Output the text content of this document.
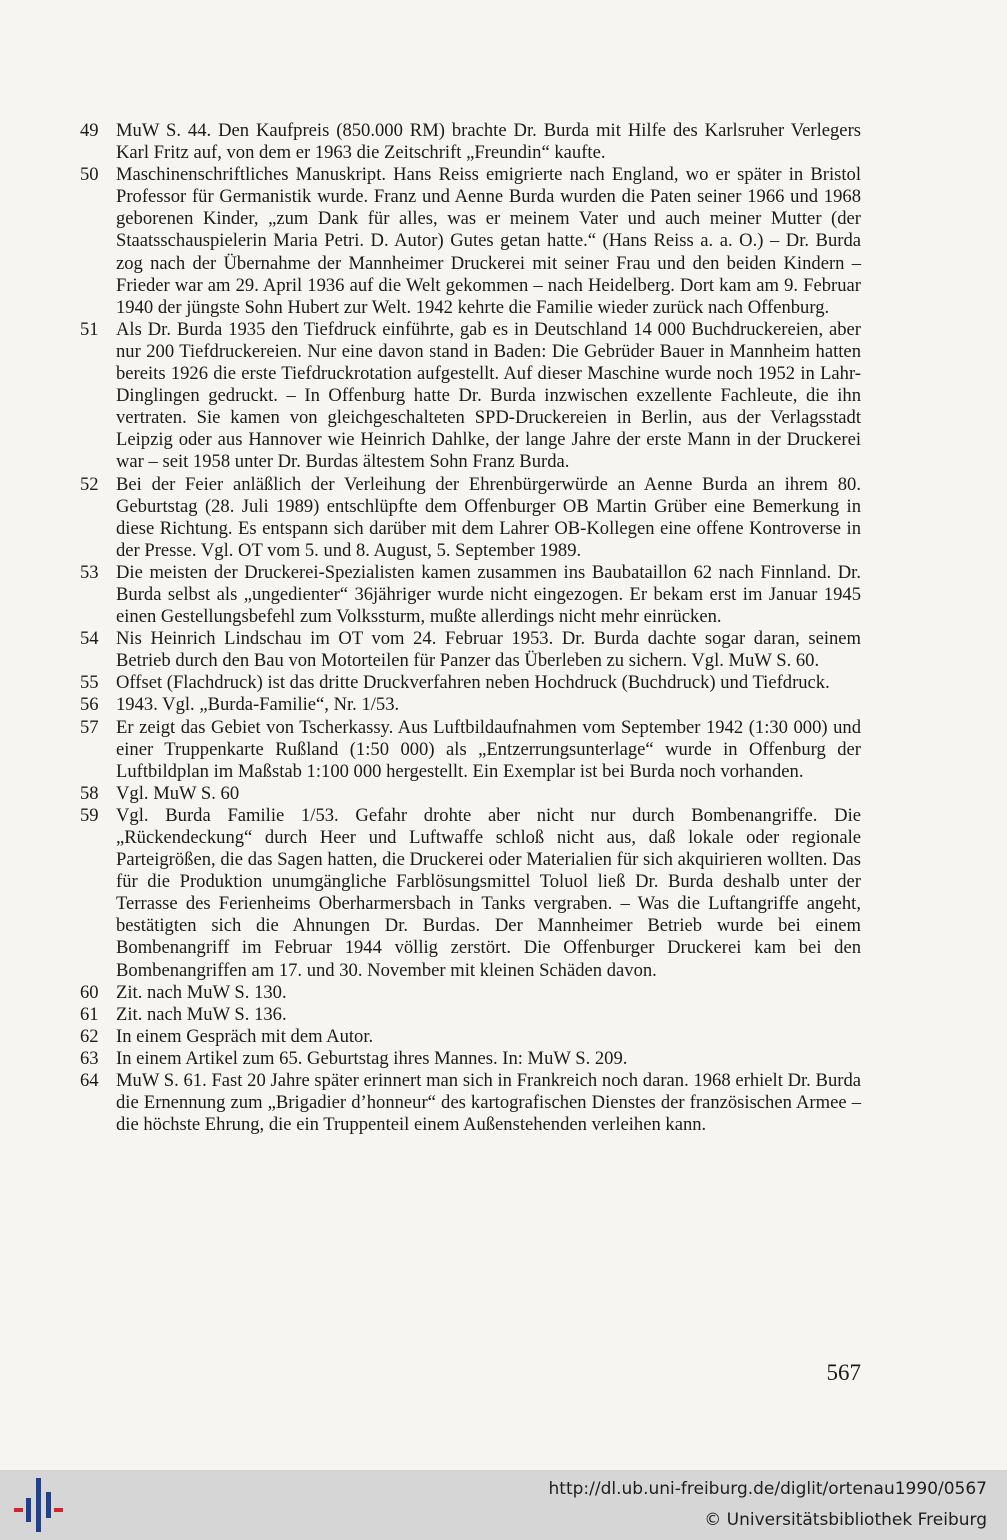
49 MuW S. 44. Den Kaufpreis (850.000 RM) brachte Dr. Burda mit Hilfe des Karlsruher Verlegers Karl Fritz auf, von dem er 1963 die Zeitschrift „Freundin“ kaufte.
50 Maschinenschriftliches Manuskript. Hans Reiss emigrierte nach England, wo er später in Bristol Professor für Germanistik wurde. Franz und Aenne Burda wurden die Paten seiner 1966 und 1968 geborenen Kinder, „zum Dank für alles, was er meinem Vater und auch meiner Mutter (der Staatsschauspielerin Maria Petri. D. Autor) Gutes getan hatte.“ (Hans Reiss a. a. O.) – Dr. Burda zog nach der Übernahme der Mannheimer Druckerei mit seiner Frau und den beiden Kindern – Frieder war am 29. April 1936 auf die Welt gekommen – nach Heidelberg. Dort kam am 9. Februar 1940 der jüngste Sohn Hubert zur Welt. 1942 kehrte die Familie wieder zurück nach Offenburg.
51 Als Dr. Burda 1935 den Tiefdruck einführte, gab es in Deutschland 14 000 Buchdruckereien, aber nur 200 Tiefdruckereien. Nur eine davon stand in Baden: Die Gebrüder Bauer in Mannheim hatten bereits 1926 die erste Tiefdruckrotation aufgestellt. Auf dieser Maschine wurde noch 1952 in Lahr-Dinglingen gedruckt. – In Offenburg hatte Dr. Burda inzwischen exzellente Fachleute, die ihn vertraten. Sie kamen von gleichgeschalteten SPD-Druckereien in Berlin, aus der Verlagsstadt Leipzig oder aus Hannover wie Heinrich Dahlke, der lange Jahre der erste Mann in der Druckerei war – seit 1958 unter Dr. Burdas ältestem Sohn Franz Burda.
52 Bei der Feier anläßlich der Verleihung der Ehrenbürgerwürde an Aenne Burda an ihrem 80. Geburtstag (28. Juli 1989) entschlüpfte dem Offenburger OB Martin Grüber eine Bemerkung in diese Richtung. Es entspann sich darüber mit dem Lahrer OB-Kollegen eine offene Kontroverse in der Presse. Vgl. OT vom 5. und 8. August, 5. September 1989.
53 Die meisten der Druckerei-Spezialisten kamen zusammen ins Baubataillon 62 nach Finnland. Dr. Burda selbst als „ungedienter“ 36jähriger wurde nicht eingezogen. Er bekam erst im Januar 1945 einen Gestellungsbefehl zum Volkssturm, mußte allerdings nicht mehr einrücken.
54 Nis Heinrich Lindschau im OT vom 24. Februar 1953. Dr. Burda dachte sogar daran, seinem Betrieb durch den Bau von Motorteilen für Panzer das Überleben zu sichern. Vgl. MuW S. 60.
55 Offset (Flachdruck) ist das dritte Druckverfahren neben Hochdruck (Buchdruck) und Tiefdruck.
56 1943. Vgl. „Burda-Familie“, Nr. 1/53.
57 Er zeigt das Gebiet von Tscherkassy. Aus Luftbildaufnahmen vom September 1942 (1:30 000) und einer Truppenkarte Rußland (1:50 000) als „Entzerrungsunterlage“ wurde in Offenburg der Luftbildplan im Maßstab 1:100 000 hergestellt. Ein Exemplar ist bei Burda noch vorhanden.
58 Vgl. MuW S. 60
59 Vgl. Burda Familie 1/53. Gefahr drohte aber nicht nur durch Bombenangriffe. Die „Rückendeckung“ durch Heer und Luftwaffe schloß nicht aus, daß lokale oder regionale Parteigrößen, die das Sagen hatten, die Druckerei oder Materialien für sich akquirieren wollten. Das für die Produktion unumgängliche Farblösungsmittel Toluol ließ Dr. Burda deshalb unter der Terrasse des Ferienheims Oberharmersbach in Tanks vergraben. – Was die Luftangriffe angeht, bestätigten sich die Ahnungen Dr. Burdas. Der Mannheimer Betrieb wurde bei einem Bombenangriff im Februar 1944 völlig zerstört. Die Offenburger Druckerei kam bei den Bombenangriffen am 17. und 30. November mit kleinen Schäden davon.
60 Zit. nach MuW S. 130.
61 Zit. nach MuW S. 136.
62 In einem Gespräch mit dem Autor.
63 In einem Artikel zum 65. Geburtstag ihres Mannes. In: MuW S. 209.
64 MuW S. 61. Fast 20 Jahre später erinnert man sich in Frankreich noch daran. 1968 erhielt Dr. Burda die Ernennung zum „Brigadier d’honneur“ des kartografischen Dienstes der französischen Armee – die höchste Ehrung, die ein Truppenteil einem Außenstehenden verleihen kann.
567
http://dl.ub.uni-freiburg.de/diglit/ortenau1990/0567
© Universitätsbibliothek Freiburg
